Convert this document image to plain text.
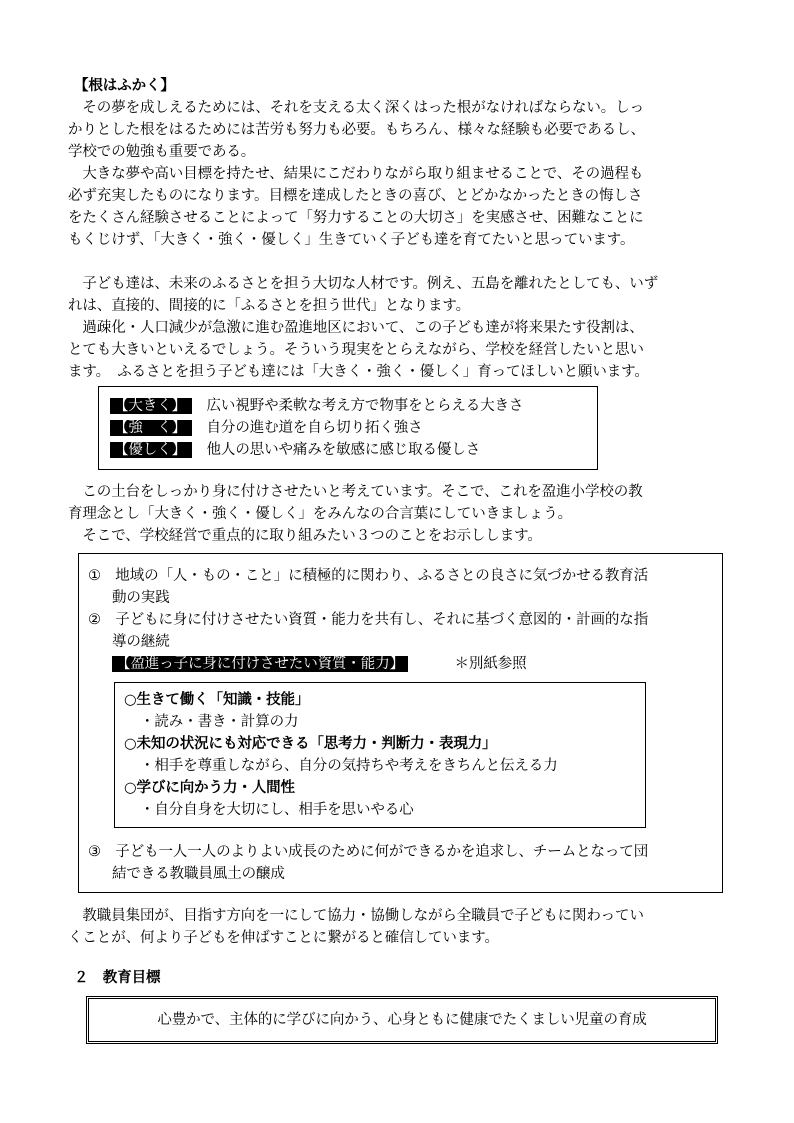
【根はふかく】
　その夢を成しえるためには、それを支える太く深くはった根がなければならない。しっ
かりとした根をはるためには苦労も努力も必要。もちろん、様々な経験も必要であるし、
学校での勉強も重要である。
　大きな夢や高い目標を持たせ、結果にこだわりながら取り組ませることで、その過程も
必ず充実したものになります。目標を達成したときの喜び、とどかなかったときの悔しさ
をたくさん経験させることによって「努力することの大切さ」を実感させ、困難なことに
もくじけず、｢大きく・強く・優しく」生きていく子ども達を育てたいと思っています。
　子ども達は、未来のふるさとを担う大切な人材です。例え、五島を離れたとしても、いず
れは、直接的、間接的に「ふるさとを担う世代」となります。
　過疎化・人口減少が急激に進む盈進地区において、この子ども達が将来果たす役割は、
とても大きいといえるでしょう。そういう現実をとらえながら、学校を経営したいと思い
ます。　ふるさとを担う子ども達には「大きく・強く・優しく」育ってほしいと願います。
【大きく】 広い視野や柔軟な考え方で物事をとらえる大きさ
【強　く】 自分の進む道を自ら切り拓く強さ
【優しく】 他人の思いや痛みを敏感に感じ取る優しさ
　この土台をしっかり身に付けさせたいと考えています。そこで、これを盈進小学校の教
育理念とし「大きく・強く・優しく」をみんなの合言葉にしていきましょう。
　そこで、学校経営で重点的に取り組みたい３つのことをお示しします。
①　地域の「人・もの・こと」に積極的に関わり、ふるさとの良さに気づかせる教育活
動の実践
②　子どもに身に付けさせたい資質・能力を共有し、それに基づく意図的・計画的な指
導の継続
【盈進っ子に身に付けさせたい資質・能力】	＊別紙参照
○生きて働く「知識・技能」
・読み・書き・計算の力
○未知の状況にも対応できる「思考力・判断力・表現力」
・相手を尊重しながら、自分の気持ちや考えをきちんと伝える力
○学びに向かう力・人間性
・自分自身を大切にし、相手を思いやる心
③　子ども一人一人のよりよい成長のために何ができるかを追求し、チームとなって団
結できる教職員風土の醸成
　教職員集団が、目指す方向を一にして協力・協働しながら全職員で子どもに関わってい
くことが、何より子どもを伸ばすことに繋がると確信しています。
２　教育目標
心豊かで、主体的に学びに向かう、心身ともに健康でたくましい児童の育成
